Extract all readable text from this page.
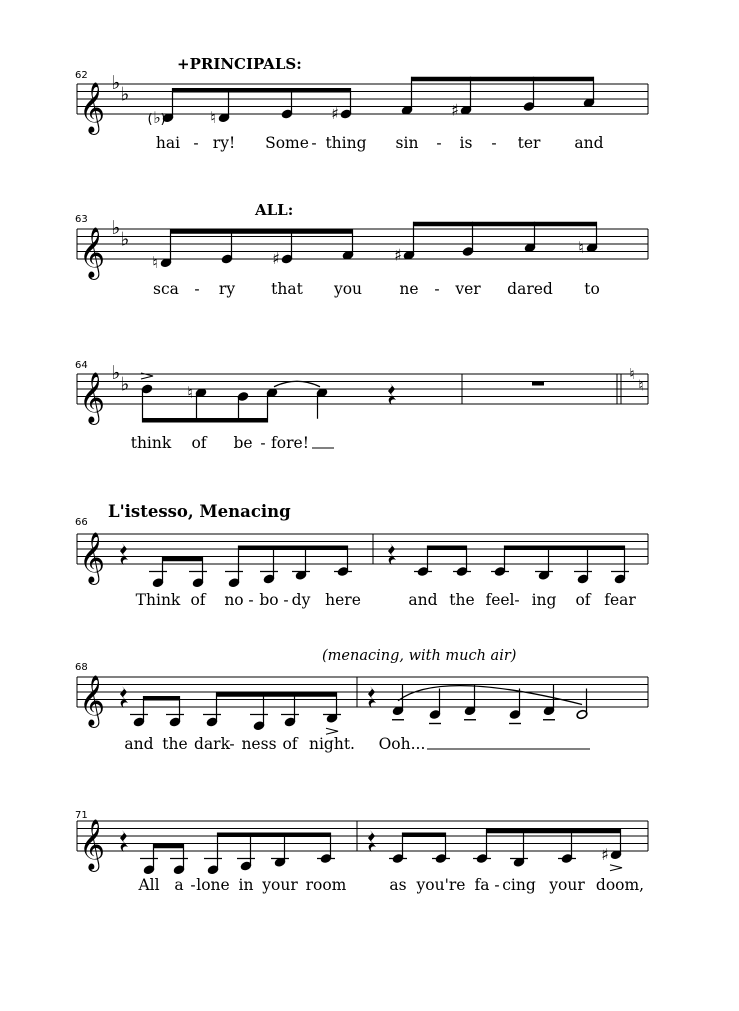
𝄞 ♭
♭
♭
( )	♮	♯	♯
𝄞 ♭
♭
♮	♯	♯	♮
𝄞 ♭
♭	♮
♮
♮
𝄞
𝄞
𝄞	♯
62
+PRINCIPALS:
hai - ry! Some - thing sin - is - ter and
63
ALL:
sca - ry that you ne - ver dared to
64
think of be - fore!
66
L'istesso, Menacing
Think of no - bo - dy here	and the feel - ing of fear
68
(menacing, with much air)
and the dark - ness of night. Ooh...
71
All a - lone in your room	as you're fa - cing your doom,
